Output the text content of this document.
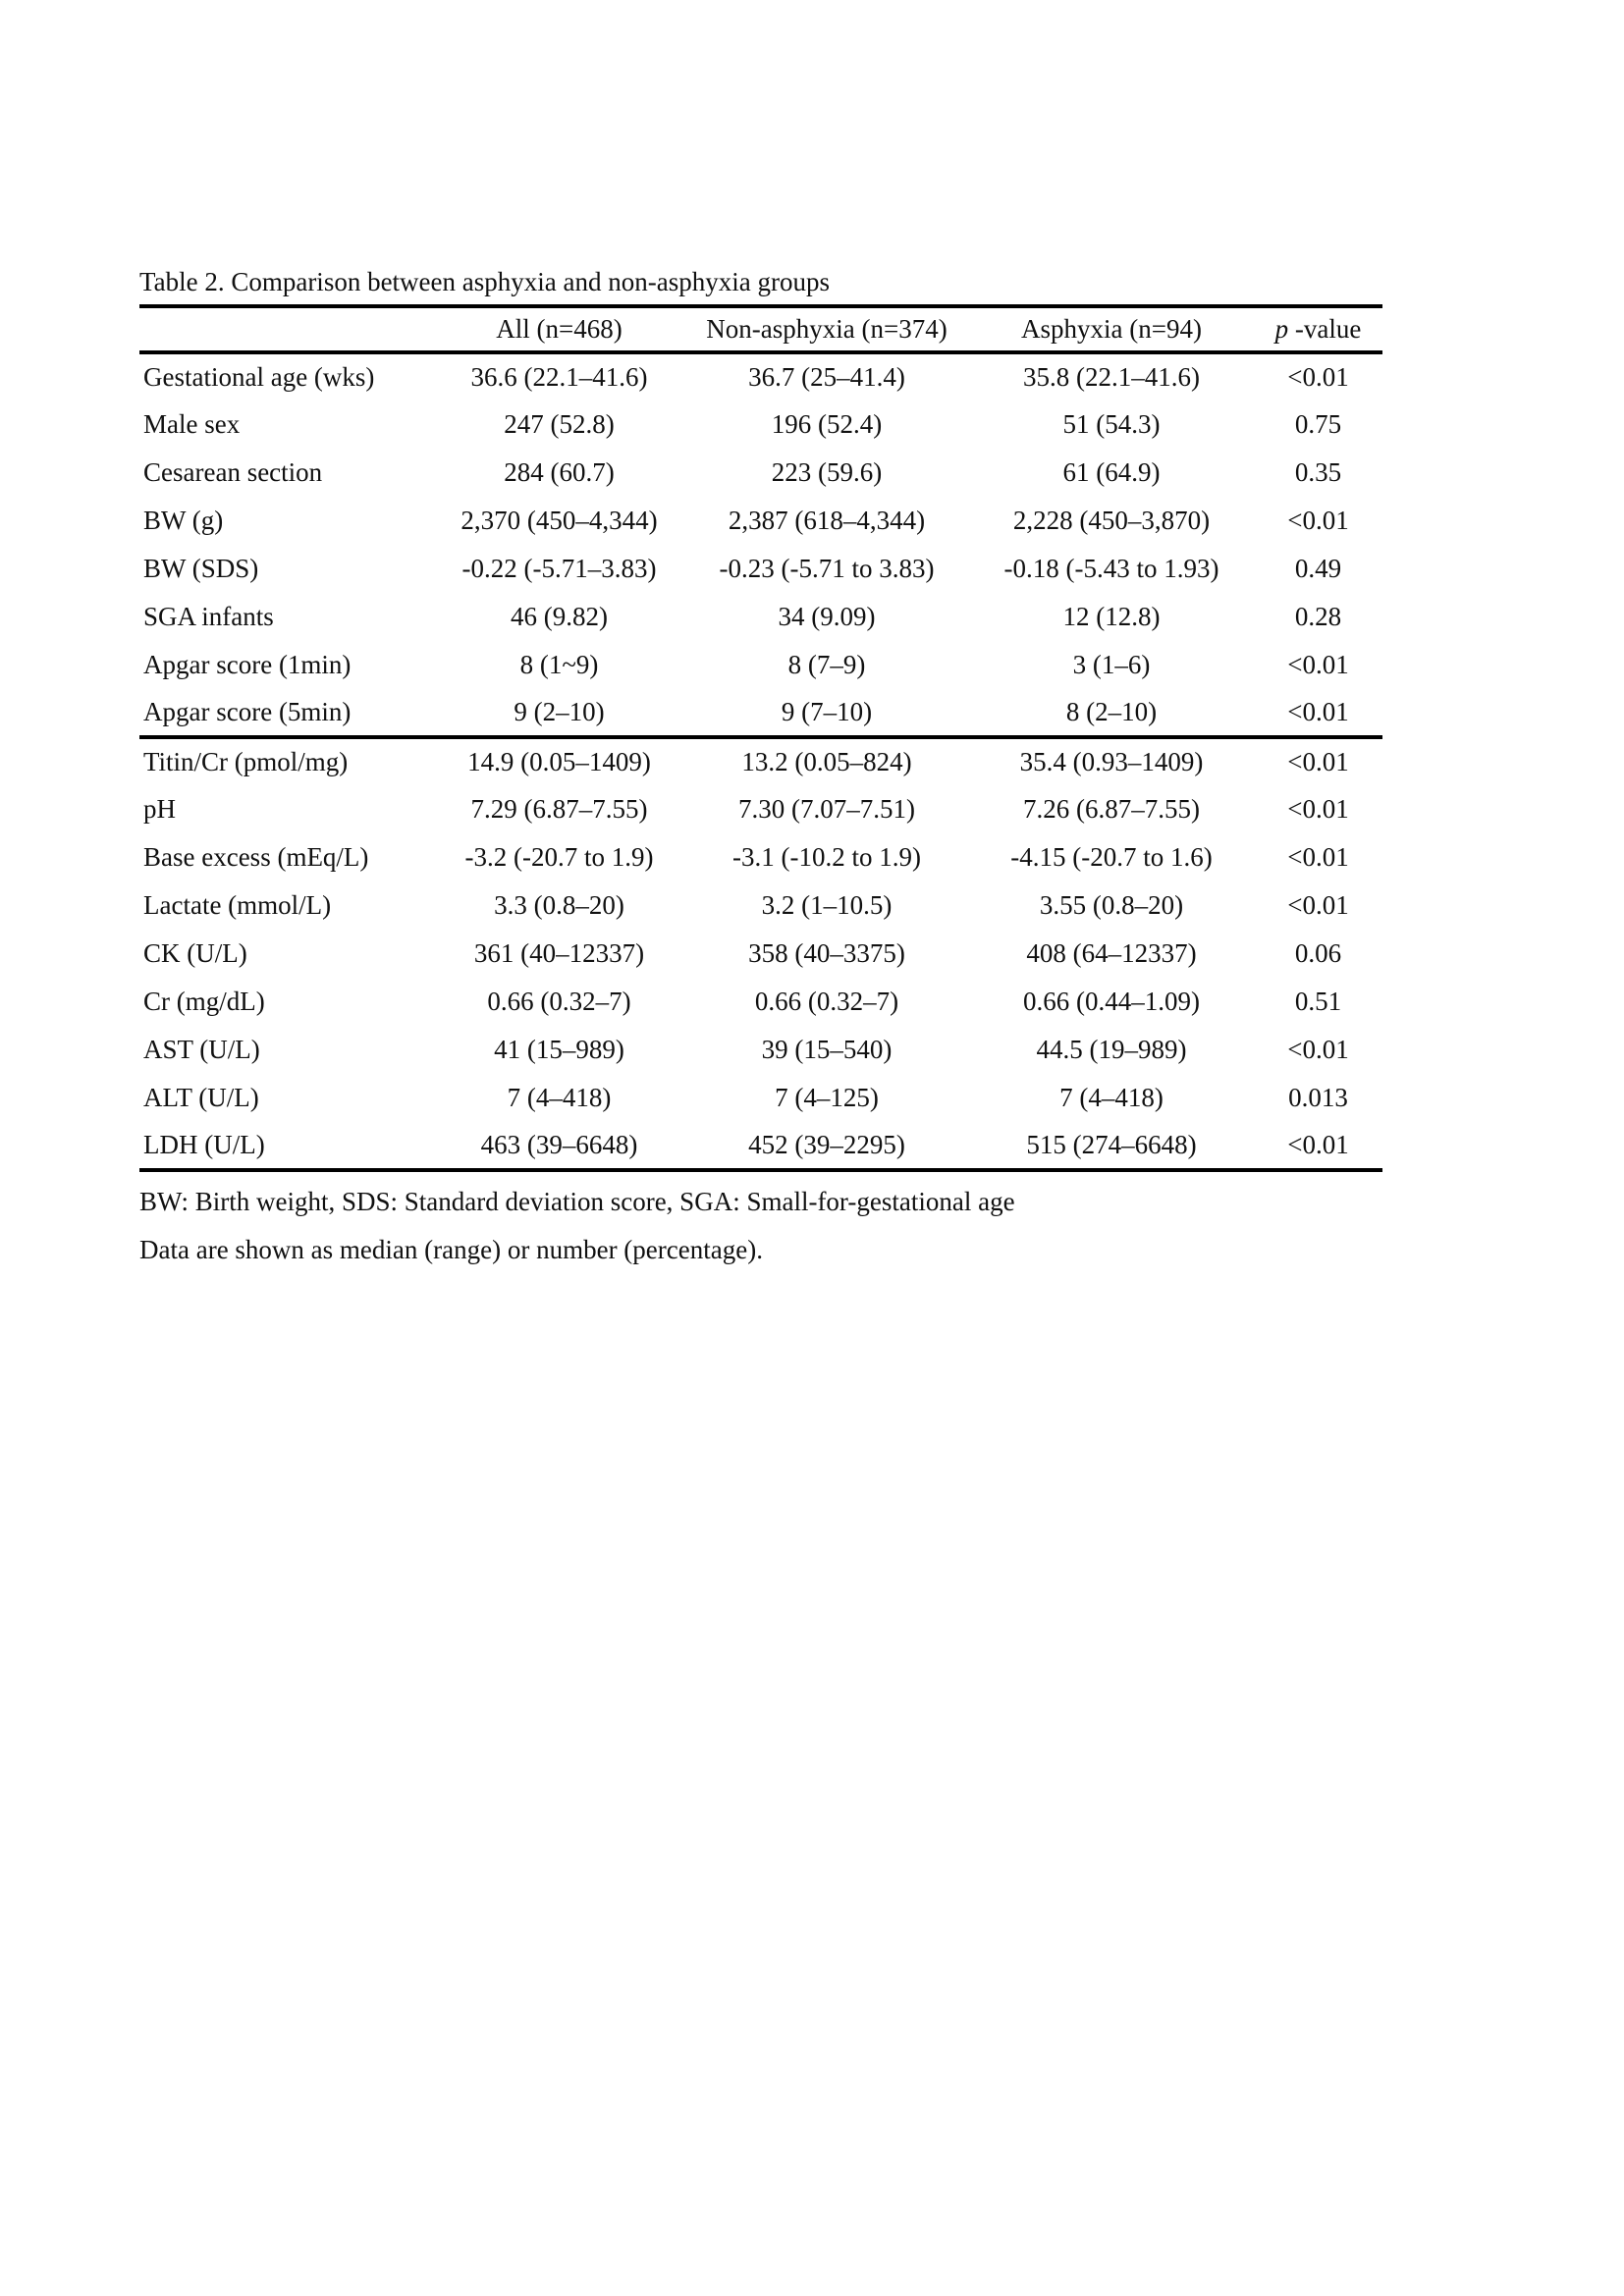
Table 2. Comparison between asphyxia and non-asphyxia groups
	All (n=468)	Non-asphyxia (n=374)	Asphyxia (n=94)	p -value
Gestational age (wks)	36.6 (22.1–41.6)	36.7 (25–41.4)	35.8 (22.1–41.6)	<0.01
Male sex	247 (52.8)	196 (52.4)	51 (54.3)	0.75
Cesarean section	284 (60.7)	223 (59.6)	61 (64.9)	0.35
BW (g)	2,370 (450–4,344)	2,387 (618–4,344)	2,228 (450–3,870)	<0.01
BW (SDS)	-0.22 (-5.71–3.83)	-0.23 (-5.71 to 3.83)	-0.18 (-5.43 to 1.93)	0.49
SGA infants	46 (9.82)	34 (9.09)	12 (12.8)	0.28
Apgar score (1min)	8 (1~9)	8 (7–9)	3 (1–6)	<0.01
Apgar score (5min)	9 (2–10)	9 (7–10)	8 (2–10)	<0.01
Titin/Cr (pmol/mg)	14.9 (0.05–1409)	13.2 (0.05–824)	35.4 (0.93–1409)	<0.01
pH	7.29 (6.87–7.55)	7.30 (7.07–7.51)	7.26 (6.87–7.55)	<0.01
Base excess (mEq/L)	-3.2 (-20.7 to 1.9)	-3.1 (-10.2 to 1.9)	-4.15 (-20.7 to 1.6)	<0.01
Lactate (mmol/L)	3.3 (0.8–20)	3.2 (1–10.5)	3.55 (0.8–20)	<0.01
CK (U/L)	361 (40–12337)	358 (40–3375)	408 (64–12337)	0.06
Cr (mg/dL)	0.66 (0.32–7)	0.66 (0.32–7)	0.66 (0.44–1.09)	0.51
AST (U/L)	41 (15–989)	39 (15–540)	44.5 (19–989)	<0.01
ALT (U/L)	7 (4–418)	7 (4–125)	7 (4–418)	0.013
LDH (U/L)	463 (39–6648)	452 (39–2295)	515 (274–6648)	<0.01
BW: Birth weight, SDS: Standard deviation score, SGA: Small-for-gestational age
Data are shown as median (range) or number (percentage).
